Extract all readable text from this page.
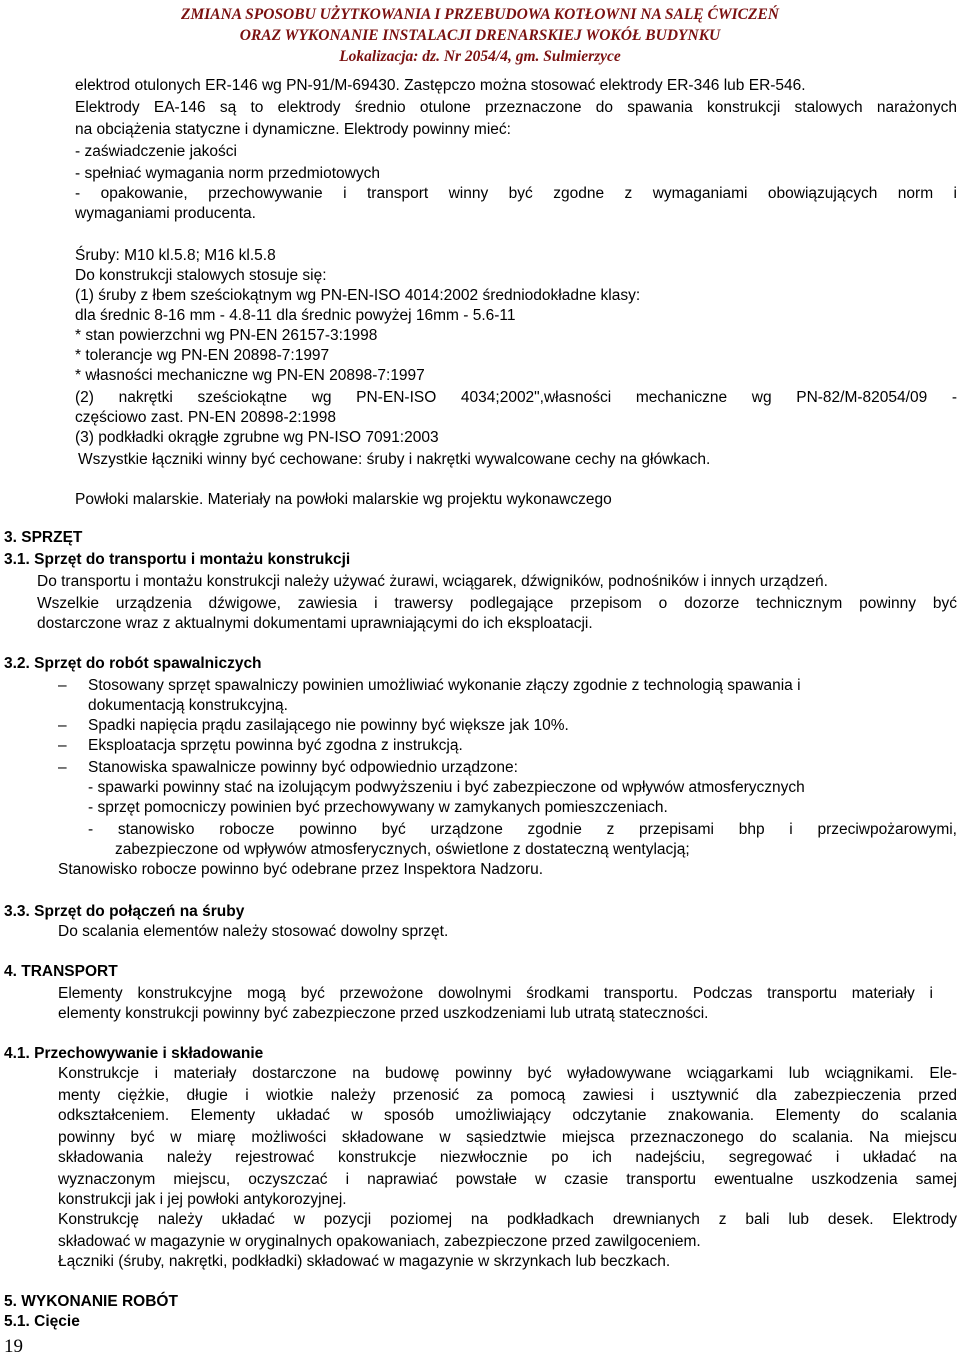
ZMIANA SPOSOBU UŻYTKOWANIA I PRZEBUDOWA KOTŁOWNI NA SALĘ ĆWICZEŃ
ORAZ WYKONANIE INSTALACJI DRENARSKIEJ WOKÓŁ BUDYNKU
Lokalizacja: dz. Nr 2054/4, gm. Sulmierzyce
elektrod otulonych ER-146 wg PN-91/M-69430. Zastępczo można stosować elektrody ER-346 lub ER-546.
Elektrody EA-146 są to elektrody średnio otulone przeznaczone do spawania konstrukcji stalowych narażonych
na obciążenia statyczne i dynamiczne. Elektrody powinny mieć:
- zaświadczenie jakości
- spełniać wymagania norm przedmiotowych
- opakowanie, przechowywanie i transport winny być zgodne z wymaganiami obowiązujących norm i
wymaganiami producenta.
Śruby: M10 kl.5.8; M16 kl.5.8
Do konstrukcji stalowych stosuje się:
(1) śruby z łbem sześciokątnym wg PN-EN-ISO 4014:2002 średniodokładne klasy:
dla średnic 8-16 mm - 4.8-11 dla średnic powyżej 16mm - 5.6-11
* stan powierzchni wg PN-EN 26157-3:1998
* tolerancje wg PN-EN 20898-7:1997
* własności mechaniczne wg PN-EN 20898-7:1997
(2) nakrętki sześciokątne wg PN-EN-ISO 4034;2002",własności mechaniczne wg PN-82/M-82054/09 -
częściowo zast. PN-EN 20898-2:1998
(3) podkładki okrągłe zgrubne wg PN-ISO 7091:2003
Wszystkie łączniki winny być cechowane: śruby i nakrętki wywalcowane cechy na główkach.
Powłoki malarskie. Materiały na powłoki malarskie wg projektu wykonawczego
3. SPRZĘT
3.1. Sprzęt do transportu i montażu konstrukcji
Do transportu i montażu konstrukcji należy używać żurawi, wciągarek, dźwigników, podnośników i innych urządzeń.
Wszelkie urządzenia dźwigowe, zawiesia i trawersy podlegające przepisom o dozorze technicznym powinny być
dostarczone wraz z aktualnymi dokumentami uprawniającymi do ich eksploatacji.
3.2. Sprzęt do robót spawalniczych
– Stosowany sprzęt spawalniczy powinien umożliwiać wykonanie złączy zgodnie z technologią spawania i
dokumentacją konstrukcyjną.
– Spadki napięcia prądu zasilającego nie powinny być większe jak 10%.
– Eksploatacja sprzętu powinna być zgodna z instrukcją.
– Stanowiska spawalnicze powinny być odpowiednio urządzone:
- spawarki powinny stać na izolującym podwyższeniu i być zabezpieczone od wpływów atmosferycznych
- sprzęt pomocniczy powinien być przechowywany w zamykanych pomieszczeniach.
- stanowisko robocze powinno być urządzone zgodnie z przepisami bhp i przeciwpożarowymi,
zabezpieczone od wpływów atmosferycznych, oświetlone z dostateczną wentylacją;
Stanowisko robocze powinno być odebrane przez Inspektora Nadzoru.
3.3. Sprzęt do połączeń na śruby
Do scalania elementów należy stosować dowolny sprzęt.
4. TRANSPORT
Elementy konstrukcyjne mogą być przewożone dowolnymi środkami transportu. Podczas transportu materiały i
elementy konstrukcji powinny być zabezpieczone przed uszkodzeniami lub utratą stateczności.
4.1. Przechowywanie i składowanie
Konstrukcje i materiały dostarczone na budowę powinny być wyładowywane wciągarkami lub wciągnikami. Ele-
menty ciężkie, długie i wiotkie należy przenosić za pomocą zawiesi i usztywnić dla zabezpieczenia przed
odkształceniem. Elementy układać w sposób umożliwiający odczytanie znakowania. Elementy do scalania
powinny być w miarę możliwości składowane w sąsiedztwie miejsca przeznaczonego do scalania. Na miejscu
składowania należy rejestrować konstrukcje niezwłocznie po ich nadejściu, segregować i układać na
wyznaczonym miejscu, oczyszczać i naprawiać powstałe w czasie transportu ewentualne uszkodzenia samej
konstrukcji jak i jej powłoki antykorozyjnej.
Konstrukcję należy układać w pozycji poziomej na podkładkach drewnianych z bali lub desek. Elektrody
składować w magazynie w oryginalnych opakowaniach, zabezpieczone przed zawilgoceniem.
Łączniki (śruby, nakrętki, podkładki) składować w magazynie w skrzynkach lub beczkach.
5. WYKONANIE ROBÓT
5.1. Cięcie
19
